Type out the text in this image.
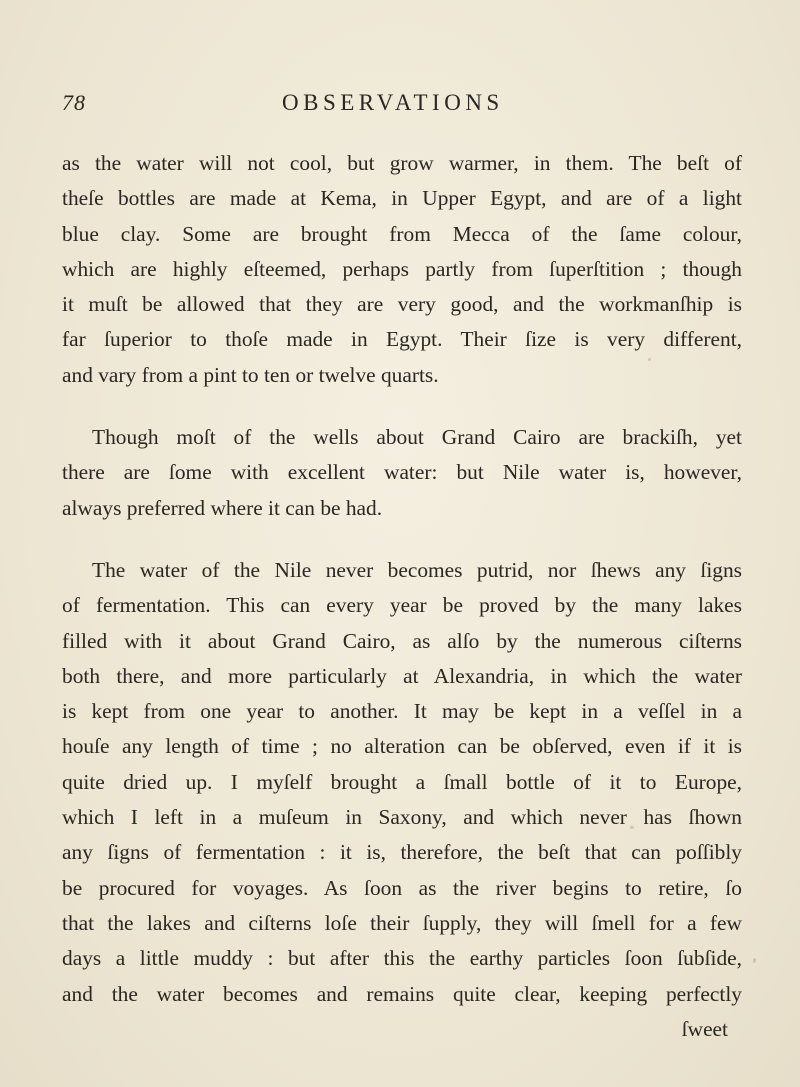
78	OBSERVATIONS
as the water will not cool, but grow warmer, in them. The beſt of
theſe bottles are made at Kema, in Upper Egypt, and are of a light
blue clay. Some are brought from Mecca of the ſame colour,
which are highly eſteemed, perhaps partly from ſuperſtition ; though
it muſt be allowed that they are very good, and the workmanſhip is
far ſuperior to thoſe made in Egypt. Their ſize is very different,
and vary from a pint to ten or twelve quarts.
Though moſt of the wells about Grand Cairo are brackiſh, yet
there are ſome with excellent water: but Nile water is, however,
always preferred where it can be had.
The water of the Nile never becomes putrid, nor ſhews any ſigns
of fermentation. This can every year be proved by the many lakes
filled with it about Grand Cairo, as alſo by the numerous ciſterns
both there, and more particularly at Alexandria, in which the water
is kept from one year to another. It may be kept in a veſſel in a
houſe any length of time ; no alteration can be obſerved, even if it is
quite dried up. I myſelf brought a ſmall bottle of it to Europe,
which I left in a muſeum in Saxony, and which never has ſhown
any ſigns of fermentation : it is, therefore, the beſt that can poſſibly
be procured for voyages. As ſoon as the river begins to retire, ſo
that the lakes and ciſterns loſe their ſupply, they will ſmell for a few
days a little muddy : but after this the earthy particles ſoon ſubſide,
and the water becomes and remains quite clear, keeping perfectly
ſweet
